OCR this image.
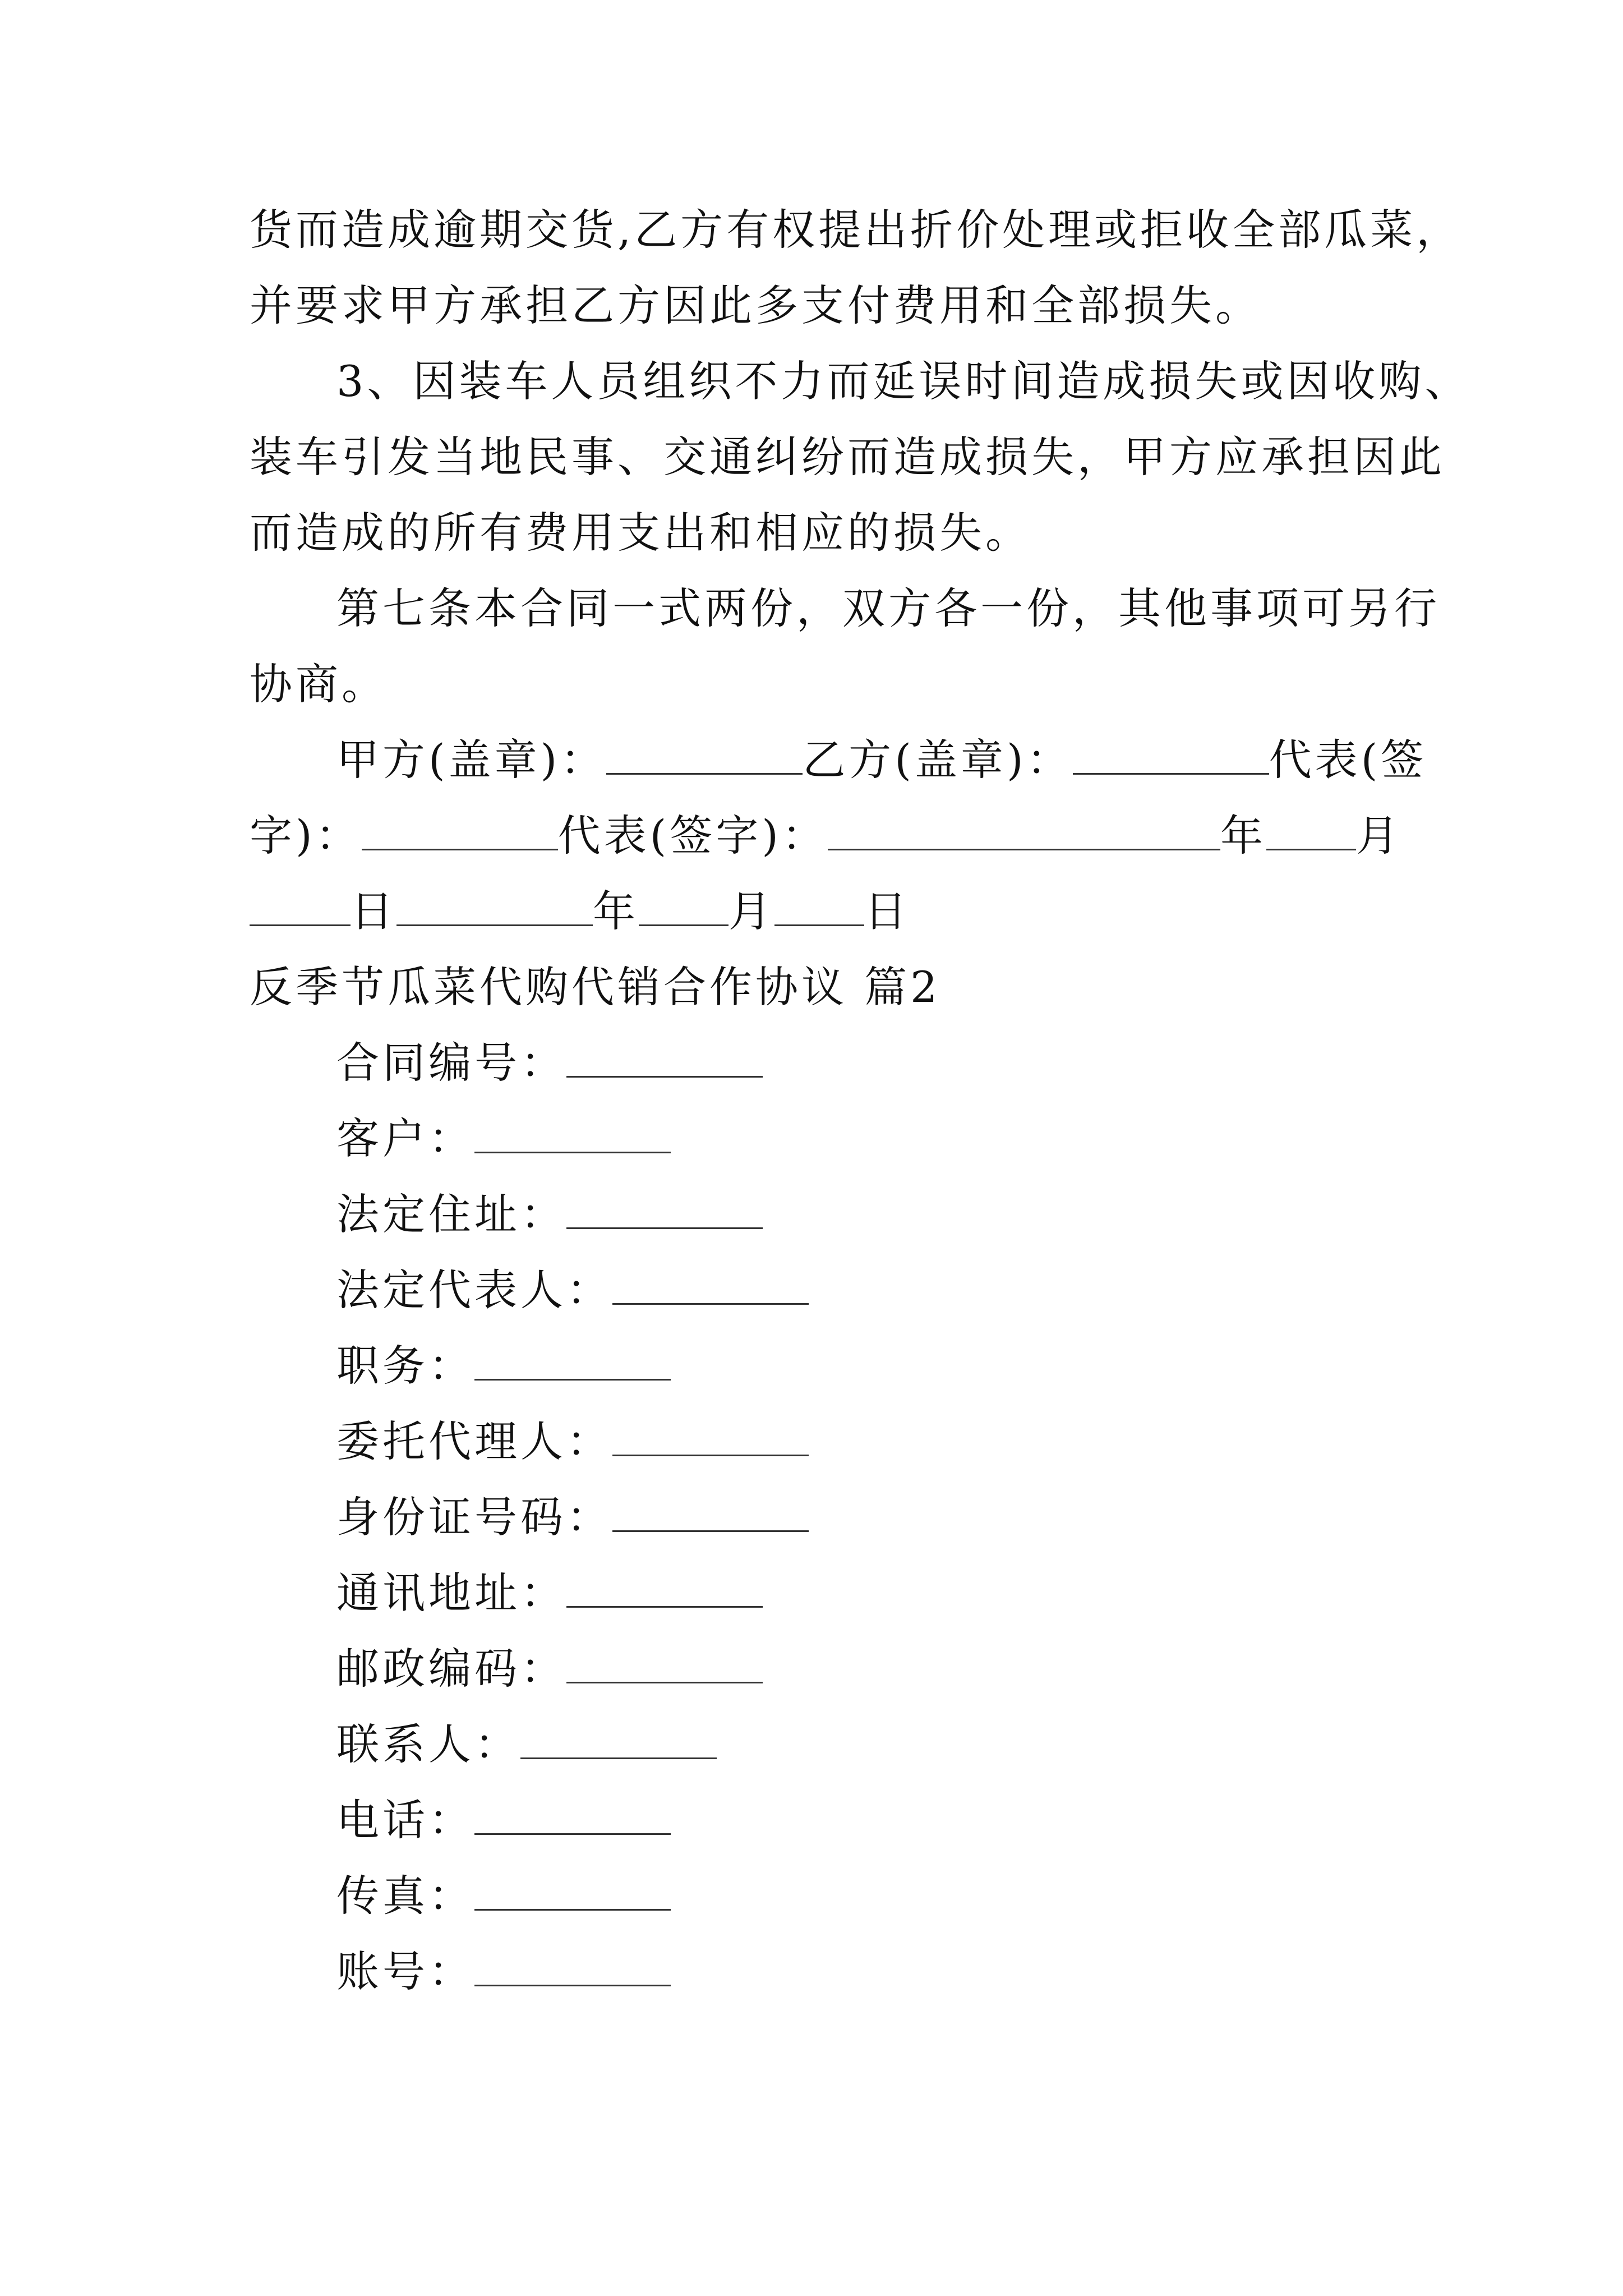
货而造成逾期交货,乙方有权提出折价处理或拒收全部瓜菜，
并要求甲方承担乙方因此多支付费用和全部损失。
3、因装车人员组织不力而延误时间造成损失或因收购、
装车引发当地民事、交通纠纷而造成损失，甲方应承担因此
而造成的所有费用支出和相应的损失。
第七条本合同一式两份，双方各一份，其他事项可另行
协商。
甲方(盖章)：	乙方(盖章)：	代表(签
字)：	代表(签字)：	年 月
日	年 月 日
反季节瓜菜代购代销合作协议 篇2
合同编号：
客户：
法定住址：
法定代表人：
职务：
委托代理人：
身份证号码：
通讯地址：
邮政编码：
联系人：
电话：
传真：
账号：
